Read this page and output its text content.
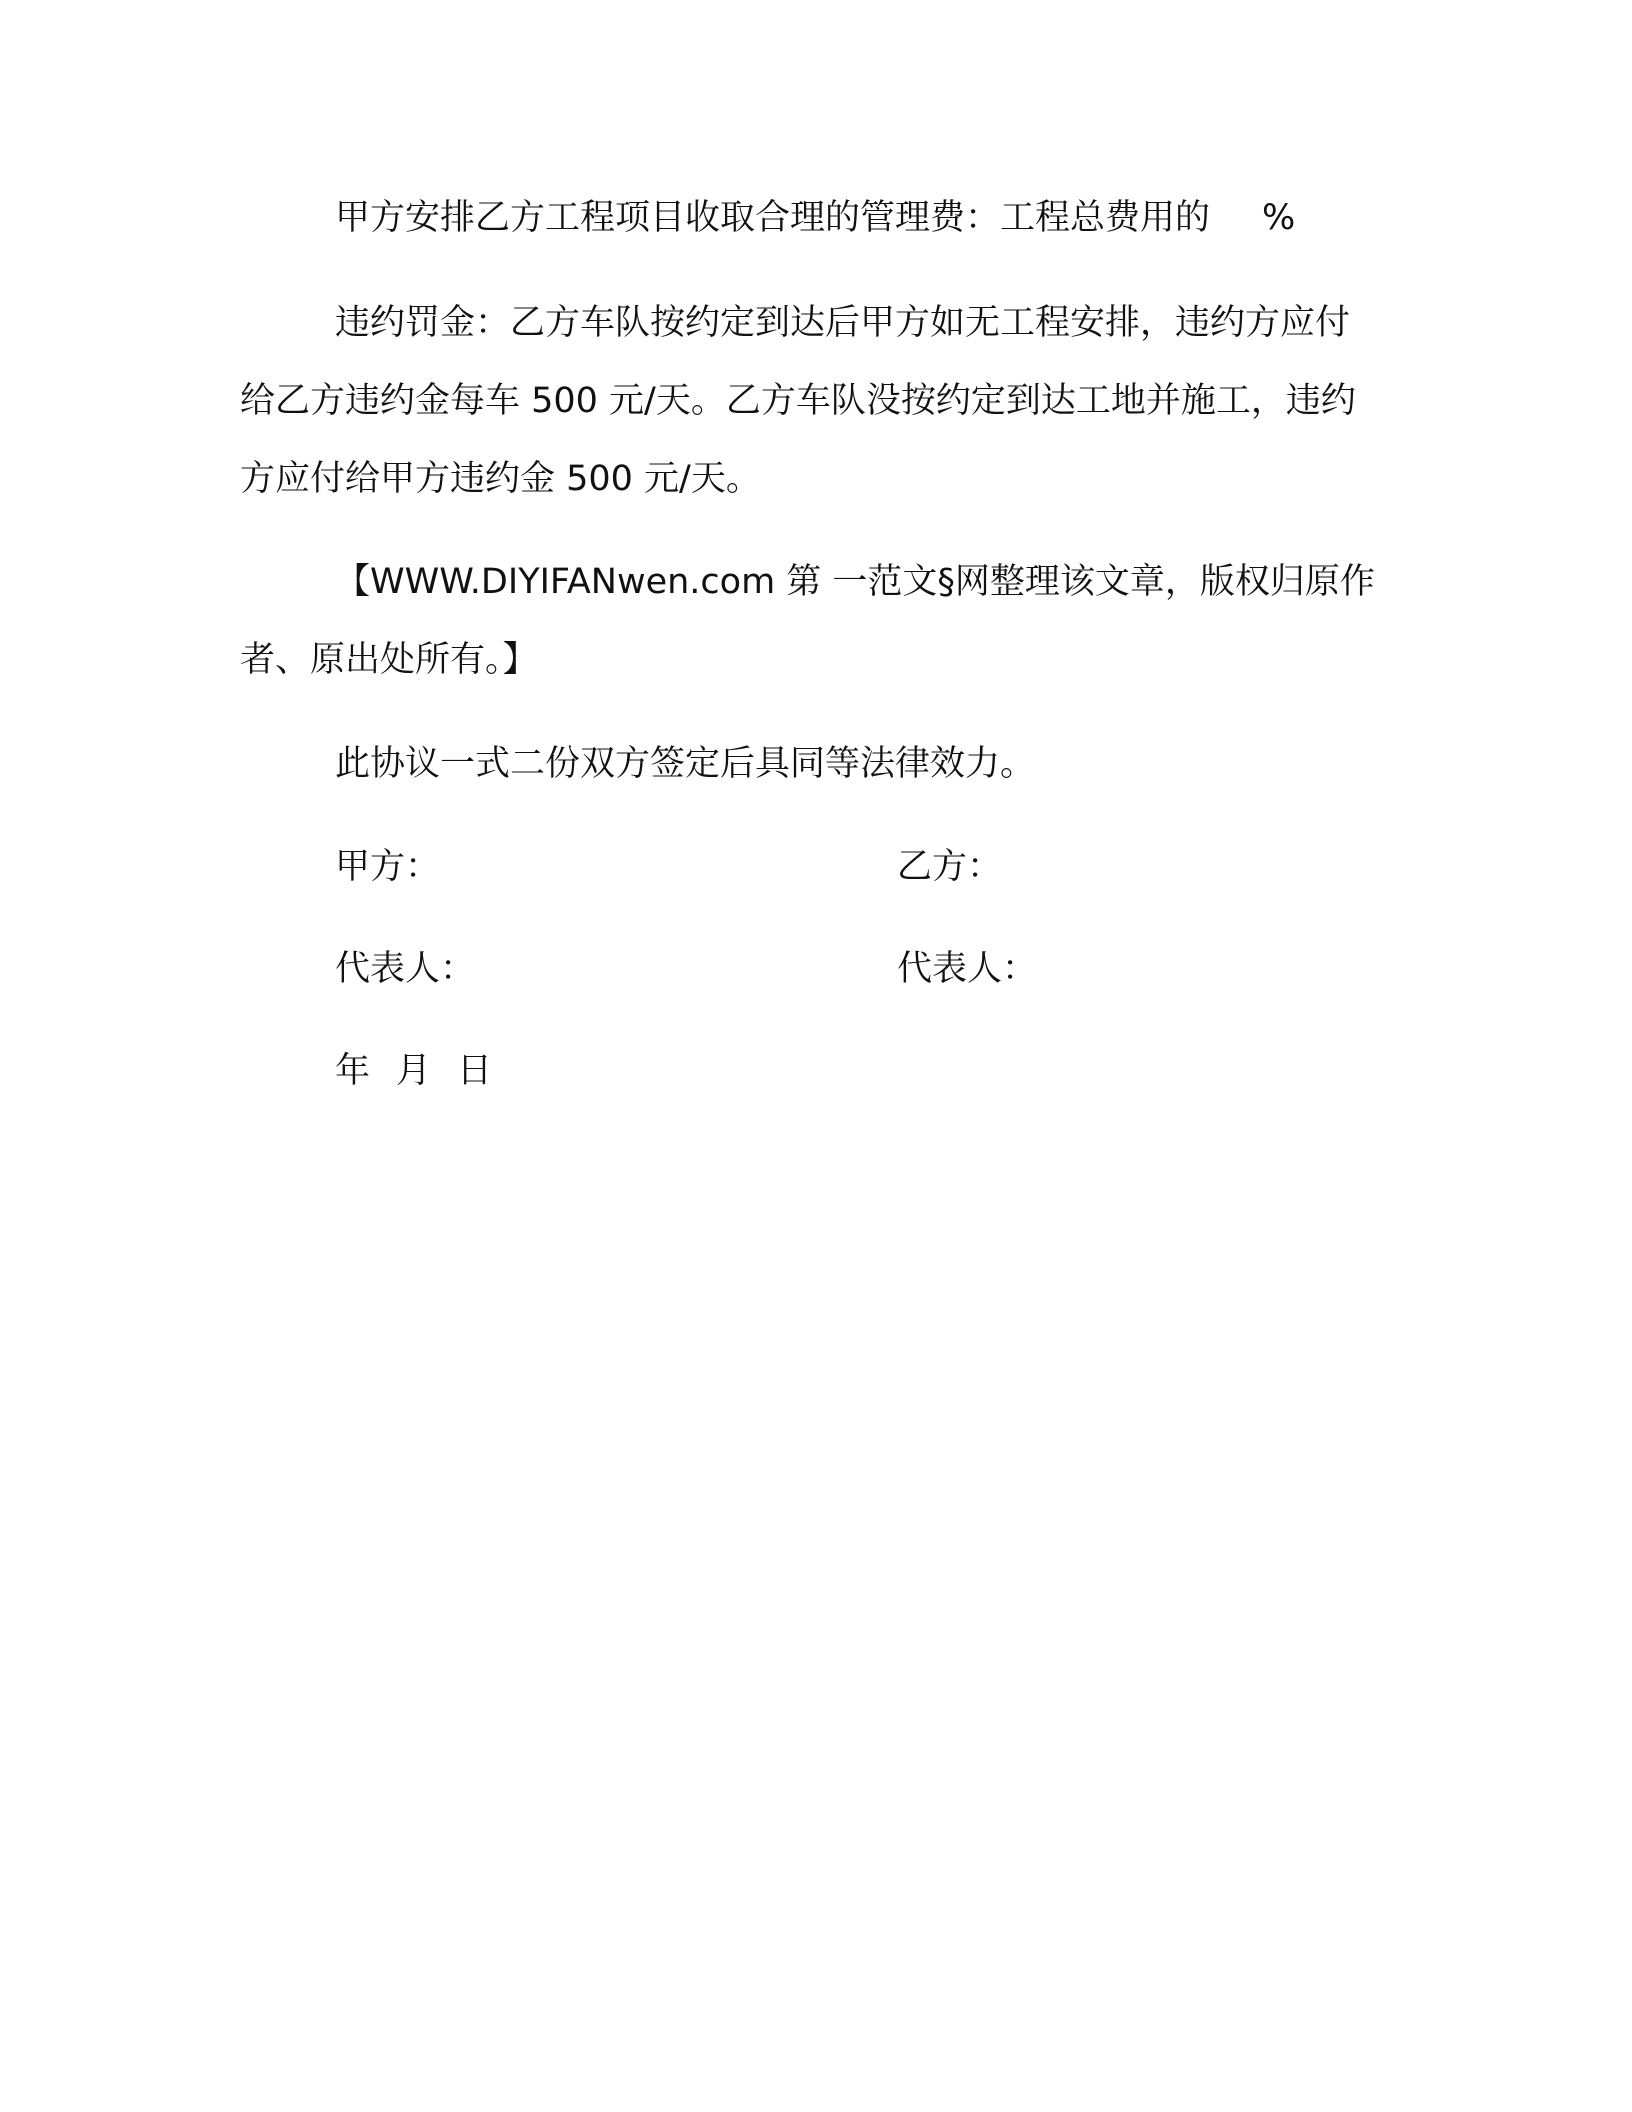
甲方安排乙方工程项目收取合理的管理费：工程总费用的 %

违约罚金：乙方车队按约定到达后甲方如无工程安排，违约方应付给乙方违约金每车 500 元/天。乙方车队没按约定到达工地并施工，违约方应付给甲方违约金 500 元/天。

【WWW.DIYIFANwen.com 第 一范文§网整理该文章，版权归原作者、原出处所有。】

此协议一式二份双方签定后具同等法律效力。

甲方：	乙方：
代表人：	代表人：
年 月 日
